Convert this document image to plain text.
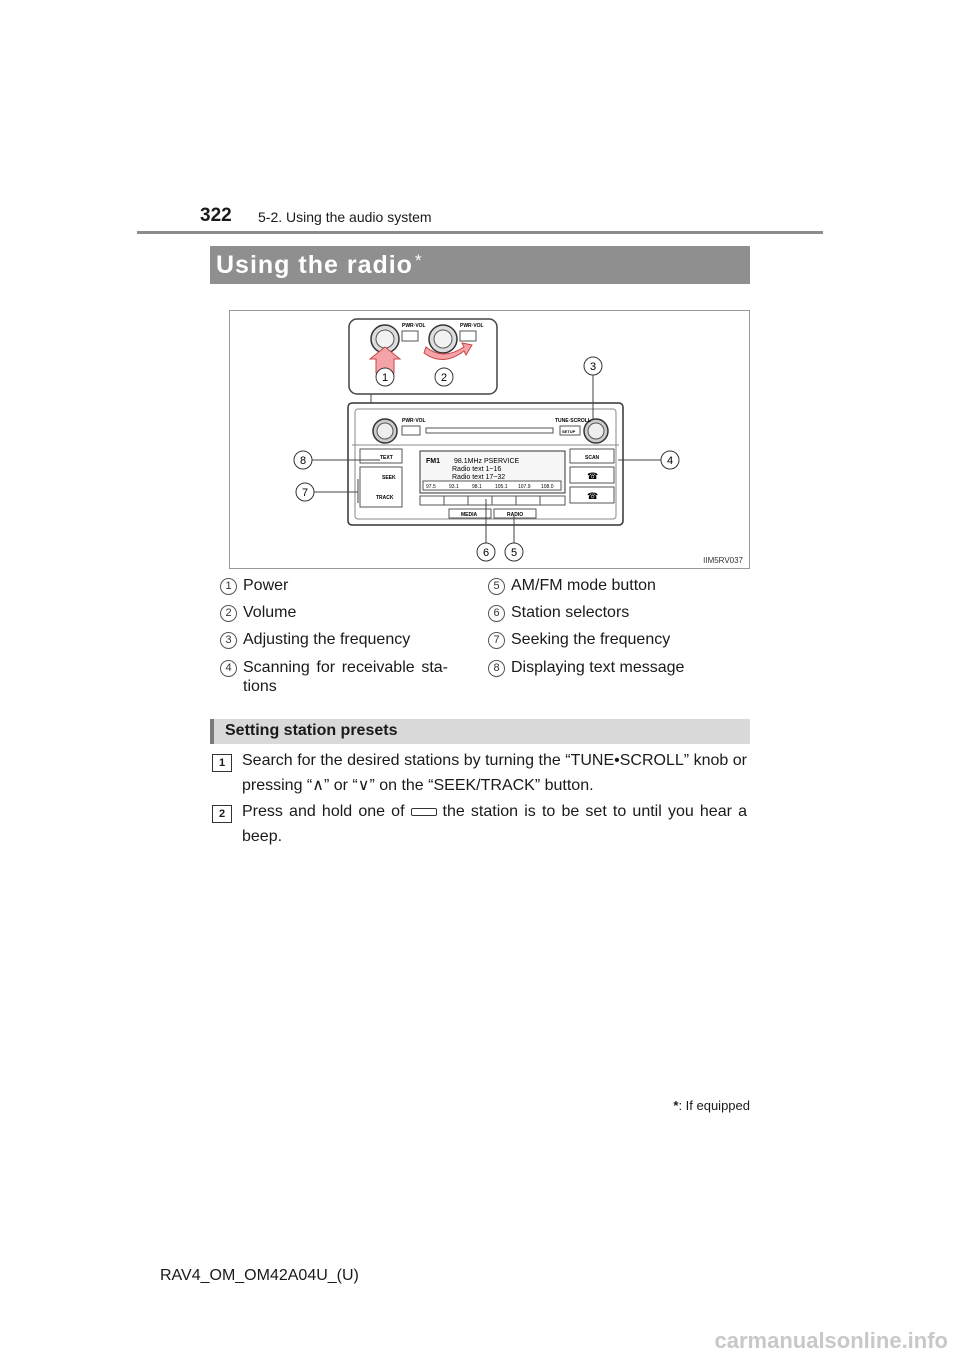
322 5-2. Using the audio system
Using the radio *
PWR·VOL	PWR·VOL
PWR·VOL	TUNE·SCROLL
SETUP
TEXT
SEEK
TRACK
FM1 98.1MHz PSERVICE
Radio text 1~16
Radio text 17~32
97.5	93.1	98.1	105.1 107.9 108.0
SCAN
☎
☎
MEDIA	RADIO
1	2
3
4
5
6
7
8
IIM5RV037
1 Power
2 Volume
3 Adjusting the frequency
4 Scanning for receivable sta-tions
5 AM/FM mode button
6 Station selectors
7 Seeking the frequency
8 Displaying text message
Setting station presets
1	Search for the desired stations by turning the “TUNE•SCROLL” knob or pressing “∧” or “∨” on the “SEEK/TRACK” button.
2	Press and hold one of the station is to be set to until you hear a beep.
*: If equipped
RAV4_OM_OM42A04U_(U)
carmanualsonline.info
